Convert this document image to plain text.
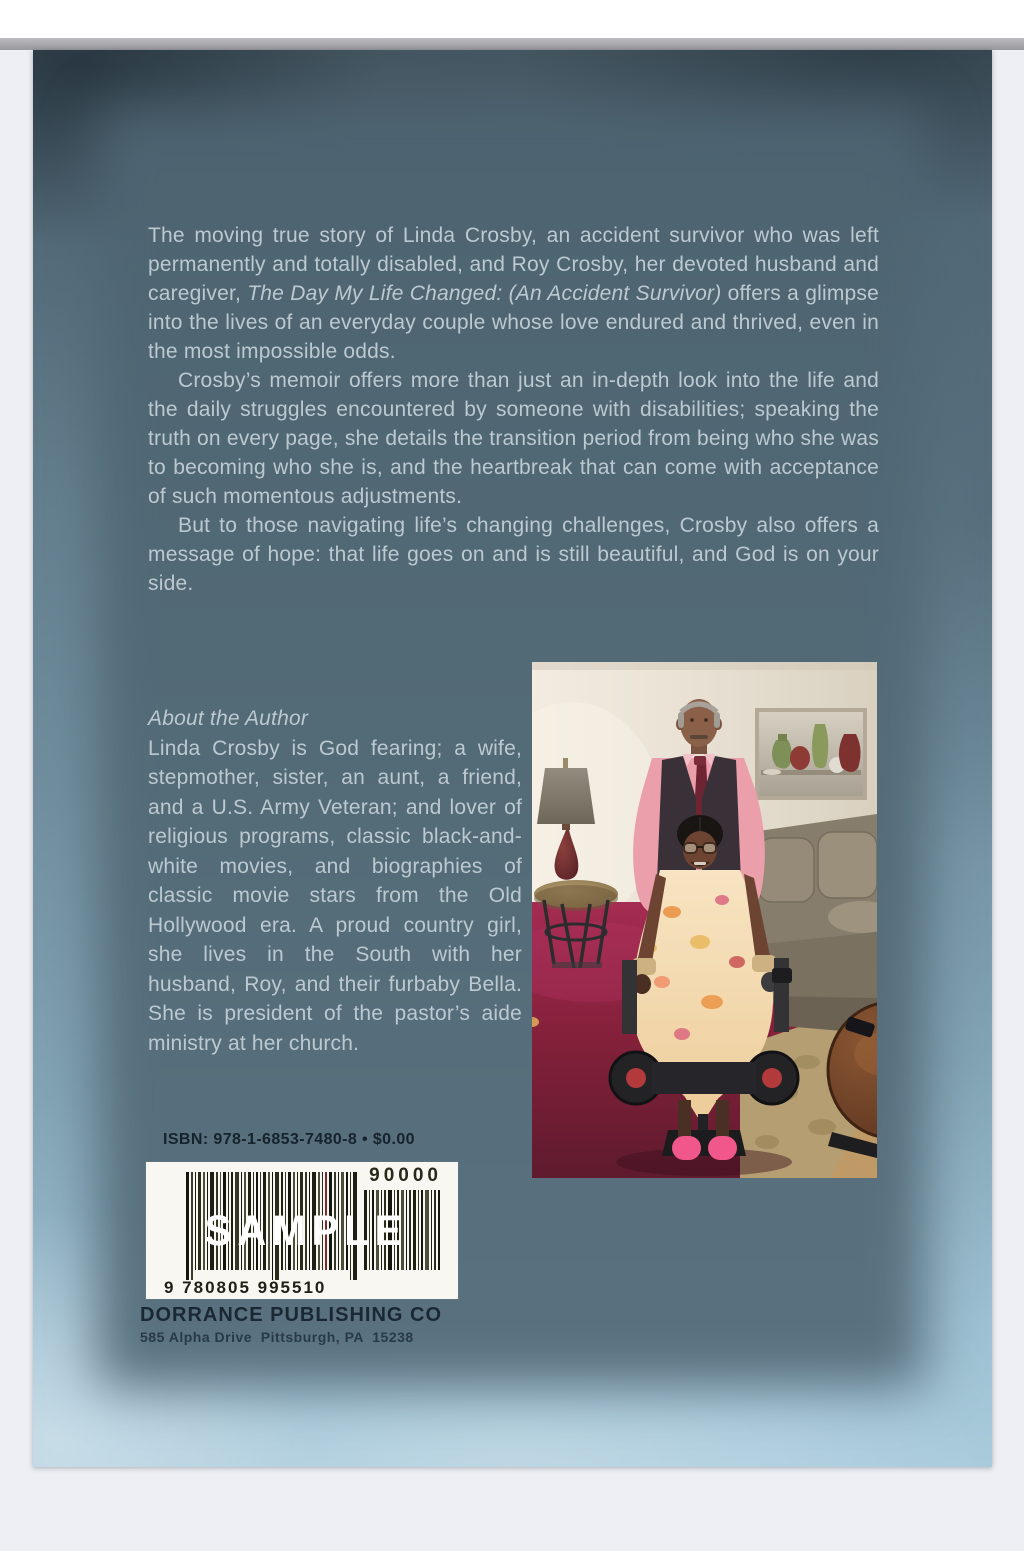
The moving true story of Linda Crosby, an accident survivor who was left permanently and totally disabled, and Roy Crosby, her devoted husband and caregiver, The Day My Life Changed: (An Accident Survivor) offers a glimpse into the lives of an everyday couple whose love endured and thrived, even in the most impossible odds.

Crosby’s memoir offers more than just an in-depth look into the life and the daily struggles encountered by someone with disabilities; speaking the truth on every page, she details the transition period from being who she was to becoming who she is, and the heartbreak that can come with acceptance of such momentous adjustments.

But to those navigating life’s changing challenges, Crosby also offers a message of hope: that life goes on and is still beautiful, and God is on your side.

About the Author
Linda Crosby is God fearing; a wife, stepmother, sister, an aunt, a friend, and a U.S. Army Veteran; and lover of religious programs, classic black-and-white movies, and biographies of classic movie stars from the Old Hollywood era. A proud country girl, she lives in the South with her husband, Roy, and their furbaby Bella. She is president of the pastor’s aide ministry at her church.
ISBN: 978-1-6853-7480-8 • $0.00
90000
SAMPLE
9 780805 995510
DORRANCE PUBLISHING CO
585 Alpha Drive  Pittsburgh, PA  15238
